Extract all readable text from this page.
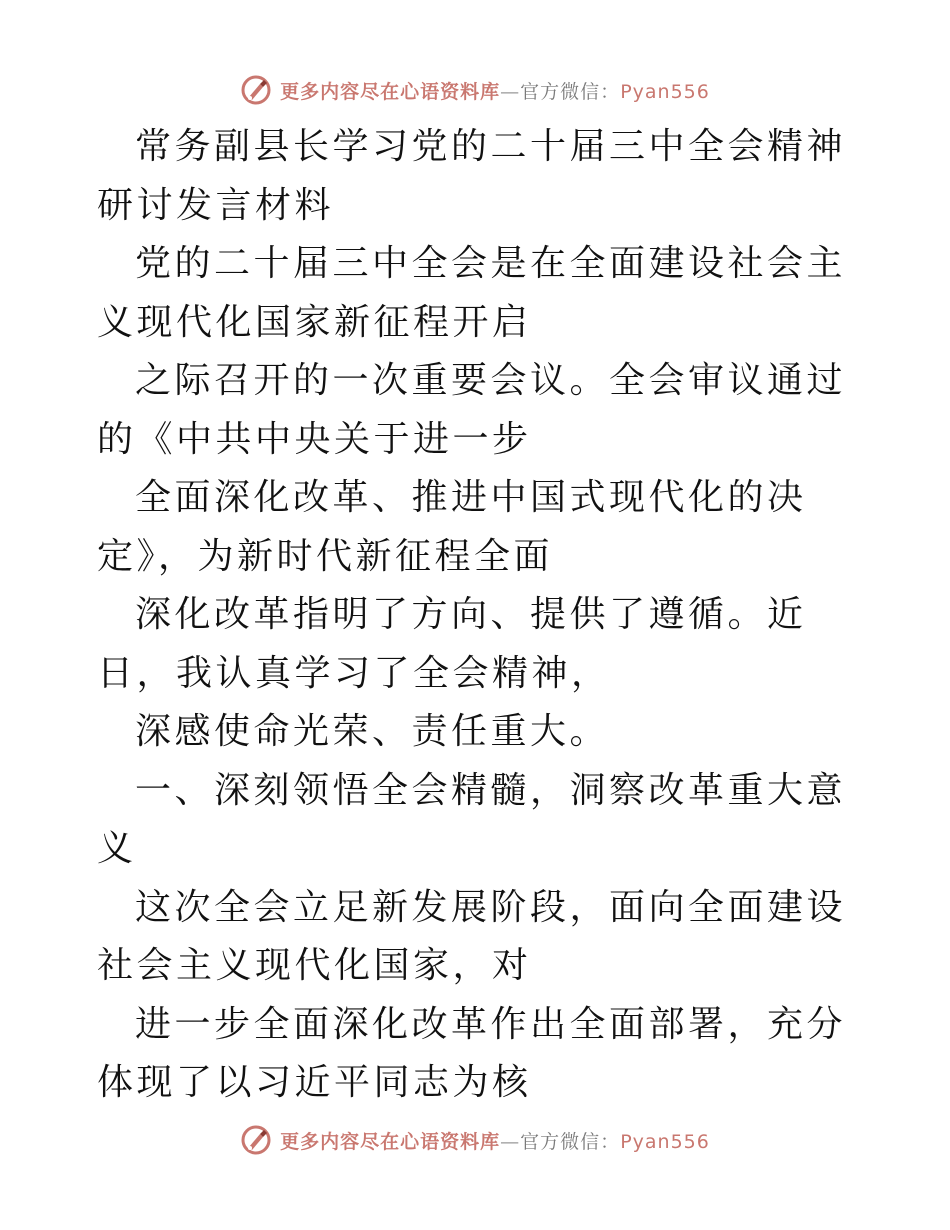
更多内容尽在心语资料库—官方微信：Pyan556

常务副县长学习党的二十届三中全会精神研讨发言材料

党的二十届三中全会是在全面建设社会主义现代化国家新征程开启

之际召开的一次重要会议。全会审议通过的《中共中央关于进一步

全面深化改革、推进中国式现代化的决定》，为新时代新征程全面

深化改革指明了方向、提供了遵循。近日，我认真学习了全会精神，

深感使命光荣、责任重大。

一、深刻领悟全会精髓，洞察改革重大意义

这次全会立足新发展阶段，面向全面建设社会主义现代化国家，对

进一步全面深化改革作出全面部署，充分体现了以习近平同志为核

更多内容尽在心语资料库—官方微信：Pyan556
